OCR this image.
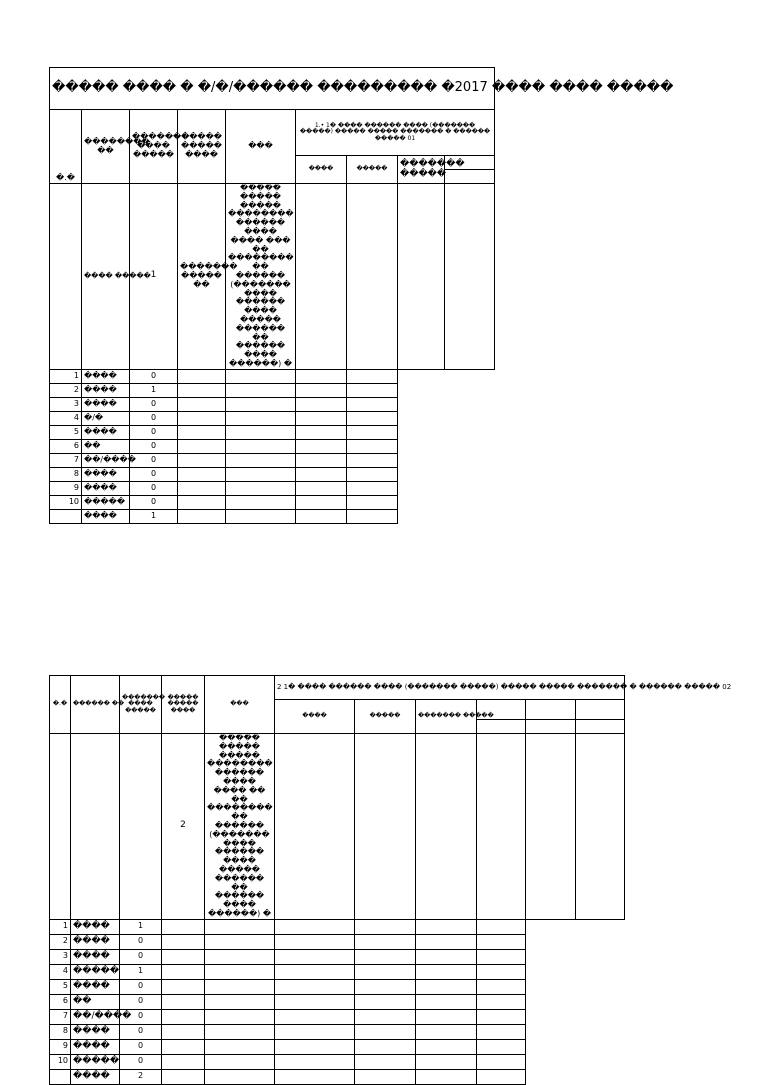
����� ���� � �/�/������ ��������� �2017 ���� ���� �����								
�.�	�������� ��	������� ���� �����	����� ����� ����	���	1.• 1� ���� ������ ���� (������� �����) ����� ����� ������� � ������ ����� 01			
					����	�����	������� �����	

	���� �����	1	������� ����� ��	����� ����� ����� �������� ������ ���� ���� ��� �� �������� �� ������ (������� ���� ������ ���� ����� ������ �� ������ ���� ������) �				
1	����	0						
2	����	1						
3	����	0						
4	�/�	0						
5	����	0						
6	��	0						
7	��/����	0						
8	����	0						
9	����	0						
10	�����	0						
	����	1						
�.�	������ ��	������� ���� �����	����� ����� ����	���	2 1� ���� ������ ���� (������� �����) ����� ����� ������� � ������ ����� 02					
					����	�����	������� �����			

			2	����� ����� ����� �������� ������ ���� ���� �� �� �������� �� ������ (������� ���� ������ ���� ����� ������ �� ������ ���� ������) �						
1	����	1								
2	����	0								
3	����	0								
4	�����	1								
5	����	0								
6	��	0								
7	��/����	0								
8	����	0								
9	����	0								
10	�����	0								
	����	2								
